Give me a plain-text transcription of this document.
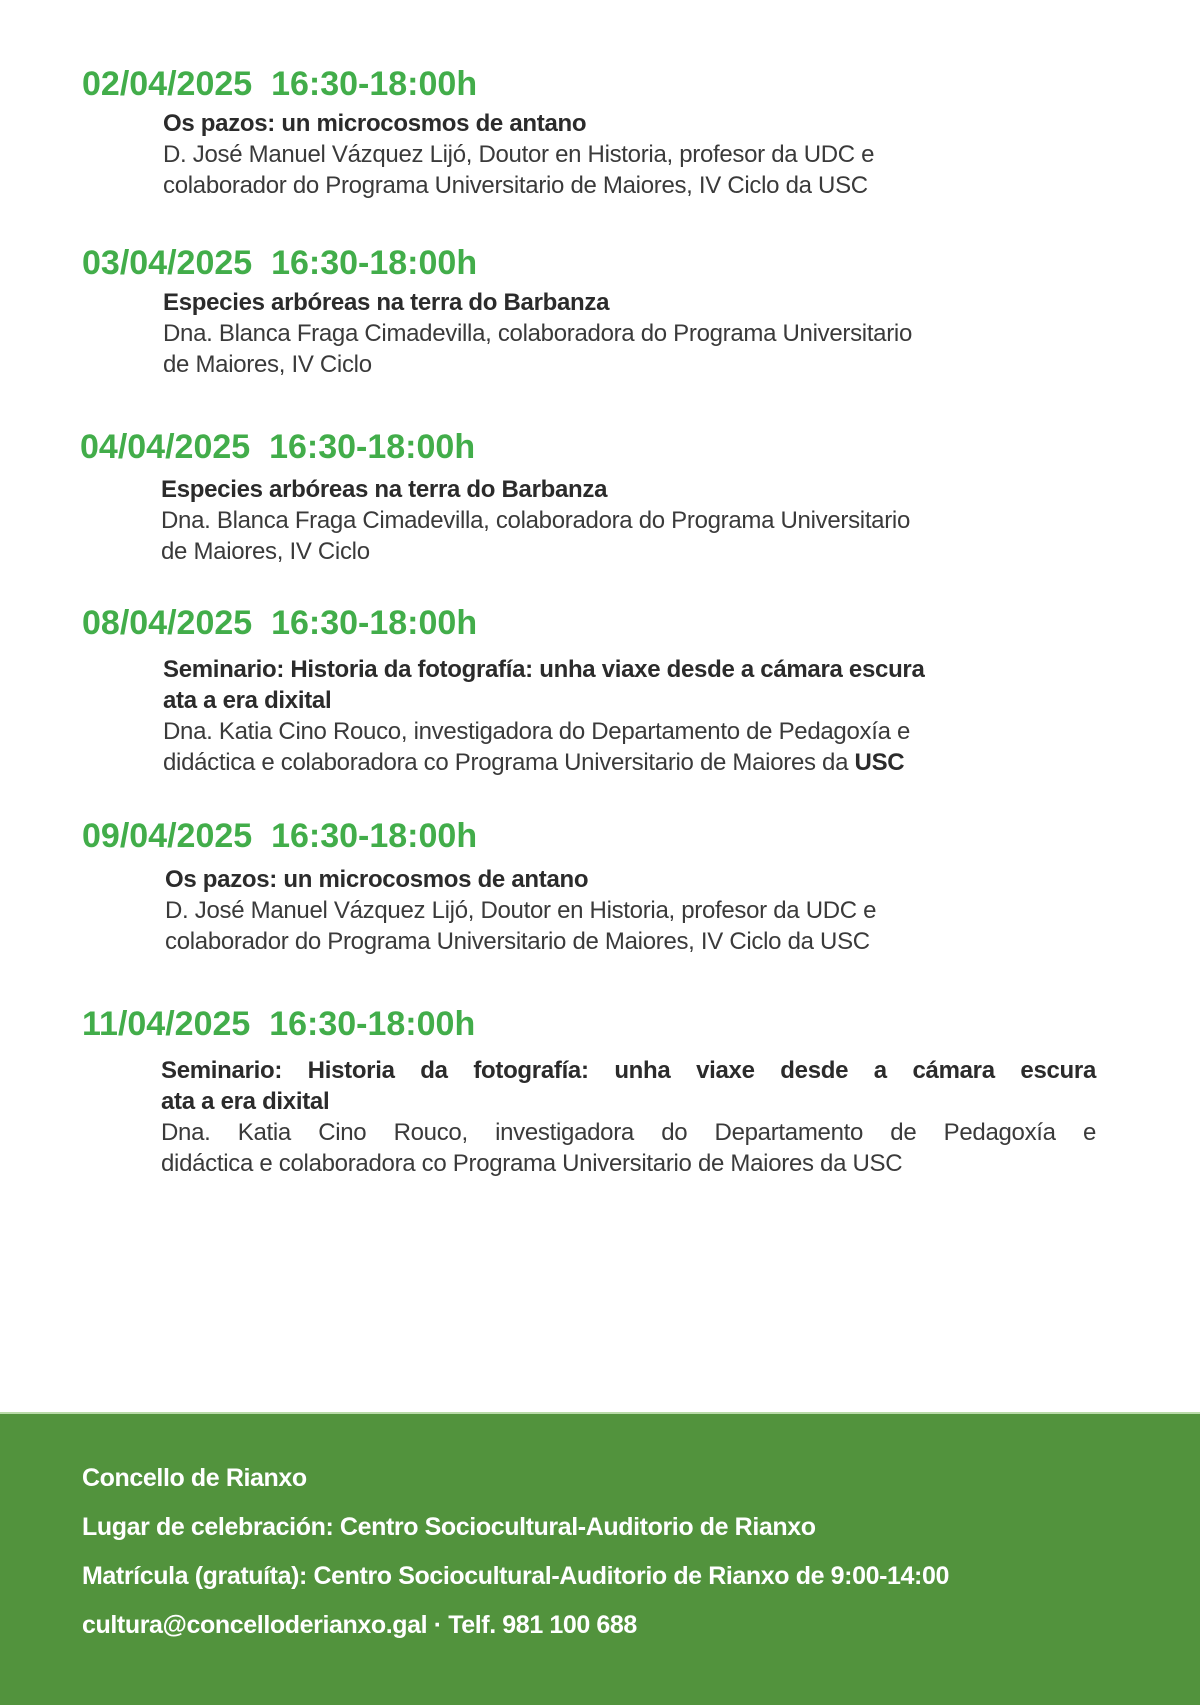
02/04/2025 16:30-18:00h
Os pazos: un microcosmos de antano
D. José Manuel Vázquez Lijó, Doutor en Historia, profesor da UDC e
colaborador do Programa Universitario de Maiores, IV Ciclo da USC
03/04/2025 16:30-18:00h
Especies arbóreas na terra do Barbanza
Dna. Blanca Fraga Cimadevilla, colaboradora do Programa Universitario
de Maiores, IV Ciclo
04/04/2025 16:30-18:00h
Especies arbóreas na terra do Barbanza
Dna. Blanca Fraga Cimadevilla, colaboradora do Programa Universitario
de Maiores, IV Ciclo
08/04/2025 16:30-18:00h
Seminario: Historia da fotografía: unha viaxe desde a cámara escura
ata a era dixital
Dna. Katia Cino Rouco, investigadora do Departamento de Pedagoxía e
didáctica e colaboradora co Programa Universitario de Maiores da USC
09/04/2025 16:30-18:00h
Os pazos: un microcosmos de antano
D. José Manuel Vázquez Lijó, Doutor en Historia, profesor da UDC e
colaborador do Programa Universitario de Maiores, IV Ciclo da USC
11/04/2025 16:30-18:00h
Seminario: Historia da fotografía: unha viaxe desde a cámara escura
ata a era dixital
Dna. Katia Cino Rouco, investigadora do Departamento de Pedagoxía e
didáctica e colaboradora co Programa Universitario de Maiores da USC
Concello de Rianxo
Lugar de celebración: Centro Sociocultural-Auditorio de Rianxo
Matrícula (gratuíta): Centro Sociocultural-Auditorio de Rianxo de 9:00-14:00
cultura@concelloderianxo.gal · Telf. 981 100 688
